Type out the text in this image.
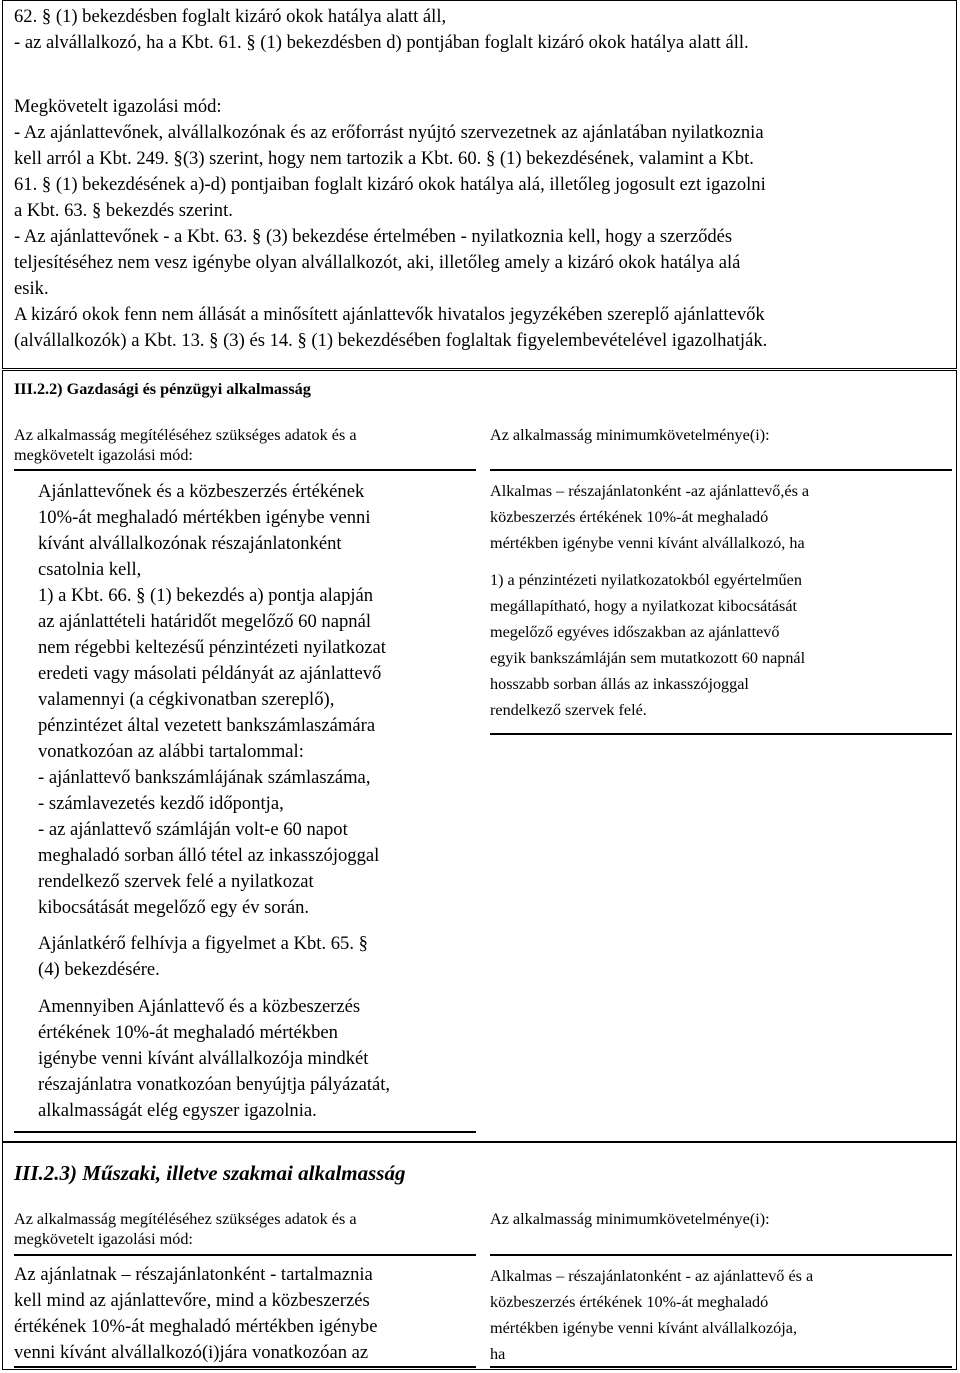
62. § (1) bekezdésben foglalt kizáró okok hatálya alatt áll,
- az alvállalkozó, ha a Kbt. 61. § (1) bekezdésben d) pontjában foglalt kizáró okok hatálya alatt áll.
Megkövetelt igazolási mód:
- Az ajánlattevőnek, alvállalkozónak és az erőforrást nyújtó szervezetnek az ajánlatában nyilatkoznia
kell arról a Kbt. 249. §(3) szerint, hogy nem tartozik a Kbt. 60. § (1) bekezdésének, valamint a Kbt.
61. § (1) bekezdésének a)-d) pontjaiban foglalt kizáró okok hatálya alá, illetőleg jogosult ezt igazolni
a Kbt. 63. § bekezdés szerint.
- Az ajánlattevőnek - a Kbt. 63. § (3) bekezdése értelmében - nyilatkoznia kell, hogy a szerződés
teljesítéséhez nem vesz igénybe olyan alvállalkozót, aki, illetőleg amely a kizáró okok hatálya alá
esik.
A kizáró okok fenn nem állását a minősített ajánlattevők hivatalos jegyzékében szereplő ajánlattevők
(alvállalkozók) a Kbt. 13. § (3) és 14. § (1) bekezdésében foglaltak figyelembevételével igazolhatják.
III.2.2) Gazdasági és pénzügyi alkalmasság
Az alkalmasság megítéléséhez szükséges adatok és a
megkövetelt igazolási mód:
Az alkalmasság minimumkövetelménye(i):
Ajánlattevőnek és a közbeszerzés értékének
10%-át meghaladó mértékben igénybe venni
kívánt alvállalkozónak részajánlatonként
csatolnia kell,
1) a Kbt. 66. § (1) bekezdés a) pontja alapján
az ajánlattételi határidőt megelőző 60 napnál
nem régebbi keltezésű pénzintézeti nyilatkozat
eredeti vagy másolati példányát az ajánlattevő
valamennyi (a cégkivonatban szereplő),
pénzintézet által vezetett bankszámlaszámára
vonatkozóan az alábbi tartalommal:
- ajánlattevő bankszámlájának számlaszáma,
- számlavezetés kezdő időpontja,
- az ajánlattevő számláján volt-e 60 napot
meghaladó sorban álló tétel az inkasszójoggal
rendelkező szervek felé a nyilatkozat
kibocsátását megelőző egy év során.
Ajánlatkérő felhívja a figyelmet a Kbt. 65. §
(4) bekezdésére.
Amennyiben Ajánlattevő és a közbeszerzés
értékének 10%-át meghaladó mértékben
igénybe venni kívánt alvállalkozója mindkét
részajánlatra vonatkozóan benyújtja pályázatát,
alkalmasságát elég egyszer igazolnia.
Alkalmas – részajánlatonként -az ajánlattevő,és a
közbeszerzés értékének 10%-át meghaladó
mértékben igénybe venni kívánt alvállalkozó, ha
1) a pénzintézeti nyilatkozatokból egyértelműen
megállapítható, hogy a nyilatkozat kibocsátását
megelőző egyéves időszakban az ajánlattevő
egyik bankszámláján sem mutatkozott 60 napnál
hosszabb sorban állás az inkasszójoggal
rendelkező szervek felé.
III.2.3) Műszaki, illetve szakmai alkalmasság
Az alkalmasság megítéléséhez szükséges adatok és a
megkövetelt igazolási mód:
Az alkalmasság minimumkövetelménye(i):
Az ajánlatnak – részajánlatonként - tartalmaznia
kell mind az ajánlattevőre, mind a közbeszerzés
értékének 10%-át meghaladó mértékben igénybe
venni kívánt alvállalkozó(i)jára vonatkozóan az
Alkalmas – részajánlatonként - az ajánlattevő és a
közbeszerzés értékének 10%-át meghaladó
mértékben igénybe venni kívánt alvállalkozója,
ha
